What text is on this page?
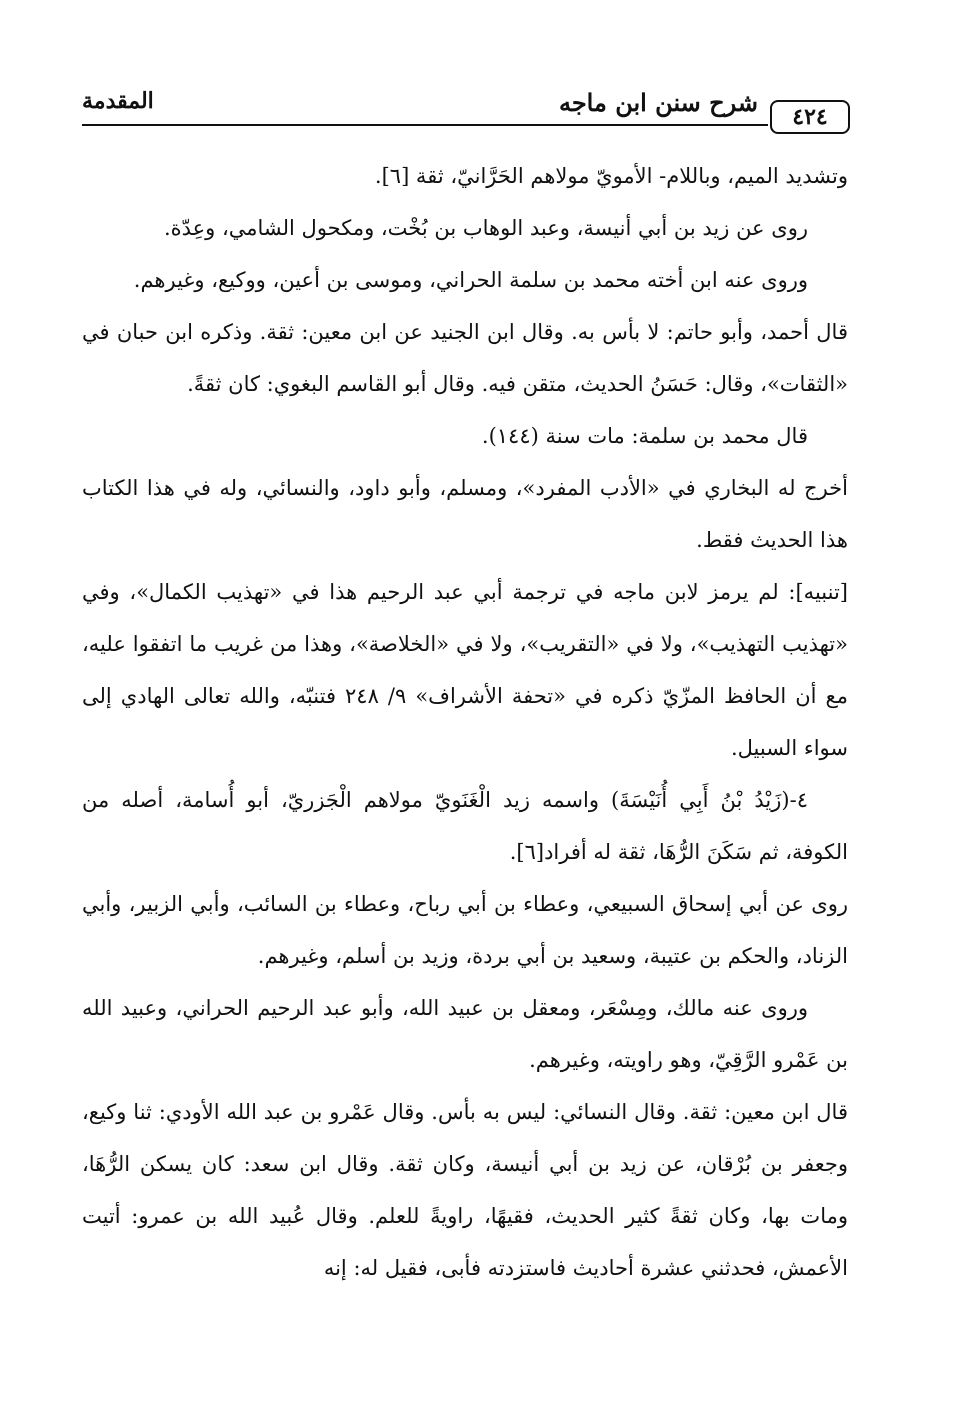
٤٢٤
شرح سنن ابن ماجه
المقدمة

وتشديد الميم، وباللام- الأمويّ مولاهم الحَرَّانيّ، ثقة [٦].

روى عن زيد بن أبي أنيسة، وعبد الوهاب بن بُخْت، ومكحول الشامي، وعِدّة.

وروى عنه ابن أخته محمد بن سلمة الحراني، وموسى بن أعين، ووكيع، وغيرهم.

قال أحمد، وأبو حاتم: لا بأس به. وقال ابن الجنيد عن ابن معين: ثقة. وذكره ابن حبان في «الثقات»، وقال: حَسَنُ الحديث، متقن فيه. وقال أبو القاسم البغوي: كان ثقةً.

قال محمد بن سلمة: مات سنة (١٤٤).

أخرج له البخاري في «الأدب المفرد»، ومسلم، وأبو داود، والنسائي، وله في هذا الكتاب هذا الحديث فقط.

[تنبيه]: لم يرمز لابن ماجه في ترجمة أبي عبد الرحيم هذا في «تهذيب الكمال»، وفي «تهذيب التهذيب»، ولا في «التقريب»، ولا في «الخلاصة»، وهذا من غريب ما اتفقوا عليه، مع أن الحافظ المزّيّ ذكره في «تحفة الأشراف» ٩/ ٢٤٨ فتنبّه، والله تعالى الهادي إلى سواء السبيل.

٤-(زَيْدُ بْنُ أَبِي أُنَيْسَةَ) واسمه زيد الْغَنَويّ مولاهم الْجَزريّ، أبو أُسامة، أصله من الكوفة، ثم سَكَنَ الرُّهَا، ثقة له أفراد[٦].

روى عن أبي إسحاق السبيعي، وعطاء بن أبي رباح، وعطاء بن السائب، وأبي الزبير، وأبي الزناد، والحكم بن عتيبة، وسعيد بن أبي بردة، وزيد بن أسلم، وغيرهم.

وروى عنه مالك، ومِسْعَر، ومعقل بن عبيد الله، وأبو عبد الرحيم الحراني، وعبيد الله بن عَمْرو الرَّقِيّ، وهو راويته، وغيرهم.

قال ابن معين: ثقة. وقال النسائي: ليس به بأس. وقال عَمْرو بن عبد الله الأودي: ثنا وكيع، وجعفر بن بُرْقان، عن زيد بن أبي أنيسة، وكان ثقة. وقال ابن سعد: كان يسكن الرُّهَا، ومات بها، وكان ثقةً كثير الحديث، فقيهًا، راويةً للعلم. وقال عُبيد الله بن عمرو: أتيت الأعمش، فحدثني عشرة أحاديث فاستزدته فأبى، فقيل له: إنه
